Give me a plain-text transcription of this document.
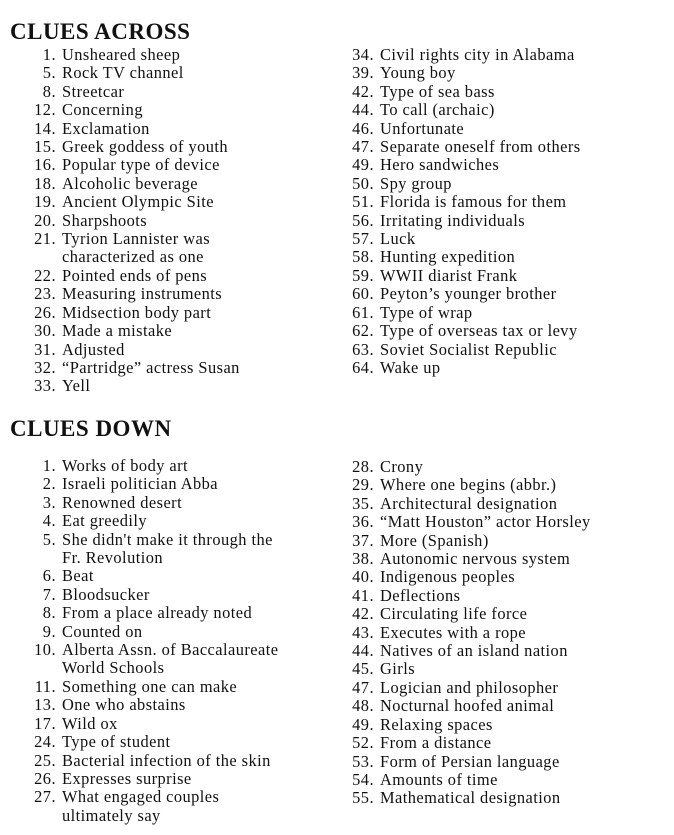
CLUES ACROSS
1 . Unsheared sheep
5 . Rock TV channel
8 . Streetcar
12 . Concerning
14 . Exclamation
15 . Greek goddess of youth
16 . Popular type of device
18 . Alcoholic beverage
19 . Ancient Olympic Site
20 . Sharpshoots
21 . Tyrion Lannister was
characterized as one
22 . Pointed ends of pens
23 . Measuring instruments
26 . Midsection body part
30 . Made a mistake
31 . Adjusted
32 . “Partridge” actress Susan
33 . Yell
34 . Civil rights city in Alabama
39 . Young boy
42 . Type of sea bass
44 . To call (archaic)
46 . Unfortunate
47 . Separate oneself from others
49 . Hero sandwiches
50 . Spy group
51 . Florida is famous for them
56 . Irritating individuals
57 . Luck
58 . Hunting expedition
59 . WWII diarist Frank
60 . Peyton’s younger brother
61 . Type of wrap
62 . Type of overseas tax or levy
63 . Soviet Socialist Republic
64 . Wake up
CLUES DOWN
1 . Works of body art
2 . Israeli politician Abba
3 . Renowned desert
4 . Eat greedily
5 . She didn't make it through the
Fr. Revolution
6 . Beat
7 . Bloodsucker
8 . From a place already noted
9 . Counted on
10 . Alberta Assn. of Baccalaureate
World Schools
11 . Something one can make
13 . One who abstains
17 . Wild ox
24 . Type of student
25 . Bacterial infection of the skin
26 . Expresses surprise
27 . What engaged couples
ultimately say
28 . Crony
29 . Where one begins (abbr.)
35 . Architectural designation
36 . “Matt Houston” actor Horsley
37 . More (Spanish)
38 . Autonomic nervous system
40 . Indigenous peoples
41 . Deflections
42 . Circulating life force
43 . Executes with a rope
44 . Natives of an island nation
45 . Girls
47 . Logician and philosopher
48 . Nocturnal hoofed animal
49 . Relaxing spaces
52 . From a distance
53 . Form of Persian language
54 . Amounts of time
55 . Mathematical designation
